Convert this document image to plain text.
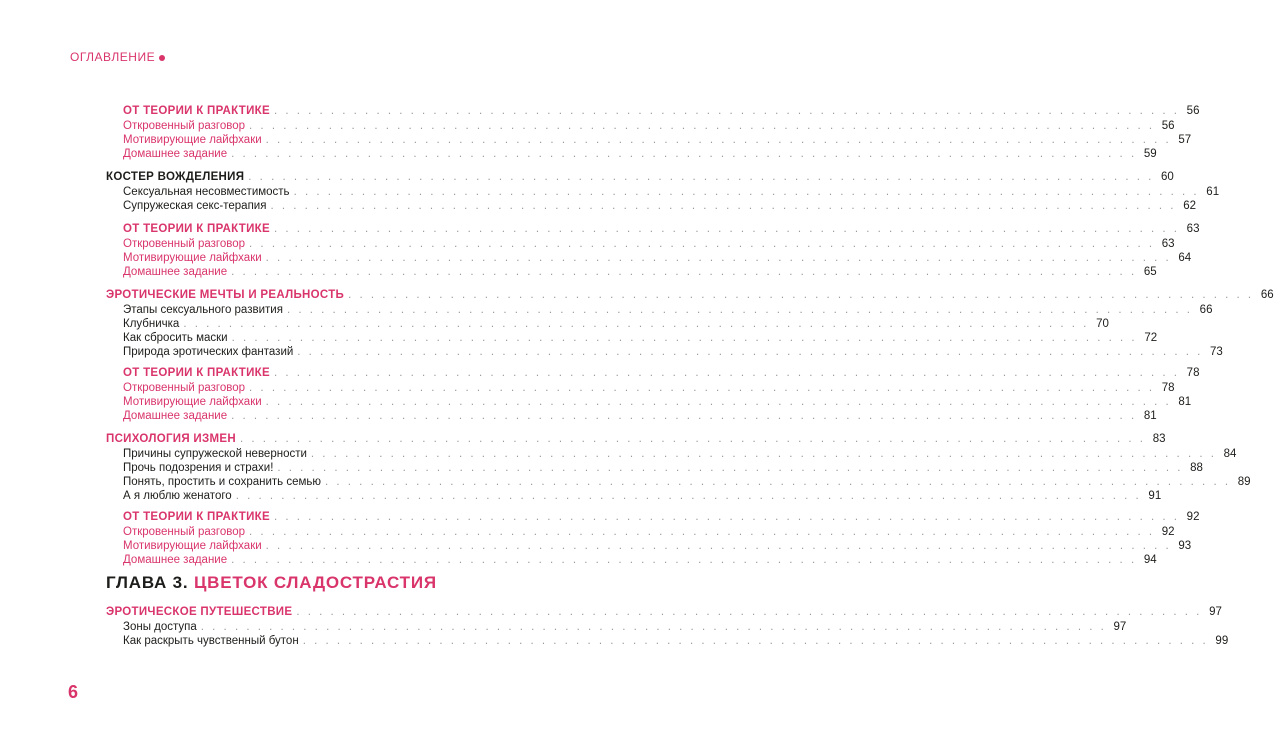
ОГЛАВЛЕНИЕ
ОТ ТЕОРИИ К ПРАКТИКЕ . . . . . . . . . . . . . . . . . . . . . . . . . . . . . . . . . . . . . . . . . . . . . . . . . . . . . . . . . . . . . . . . . . . . . . . . . . . . . . . . 56
Откровенный разговор . . . . . . . . . . . . . . . . . . . . . . . . . . . . . . . . . . . . . . . . . . . . . . . . . . . . . . . . . . . . . . . . . . . . . . . . . . . . . . . . 56
Мотивирующие лайфхаки . . . . . . . . . . . . . . . . . . . . . . . . . . . . . . . . . . . . . . . . . . . . . . . . . . . . . . . . . . . . . . . . . . . . . . . . . . . . . . . . 57
Домашнее задание . . . . . . . . . . . . . . . . . . . . . . . . . . . . . . . . . . . . . . . . . . . . . . . . . . . . . . . . . . . . . . . . . . . . . . . . . . . . . . . . 59
КОСТЕР ВОЖДЕЛЕНИЯ . . . . . . . . . . . . . . . . . . . . . . . . . . . . . . . . . . . . . . . . . . . . . . . . . . . . . . . . . . . . . . . . . . . . . . . . . . . . . . . . 60
Сексуальная несовместимость . . . . . . . . . . . . . . . . . . . . . . . . . . . . . . . . . . . . . . . . . . . . . . . . . . . . . . . . . . . . . . . . . . . . . . . . . . . . . . . . 61
Супружеская секс-терапия . . . . . . . . . . . . . . . . . . . . . . . . . . . . . . . . . . . . . . . . . . . . . . . . . . . . . . . . . . . . . . . . . . . . . . . . . . . . . . . . 62
ОТ ТЕОРИИ К ПРАКТИКЕ . . . . . . . . . . . . . . . . . . . . . . . . . . . . . . . . . . . . . . . . . . . . . . . . . . . . . . . . . . . . . . . . . . . . . . . . . . . . . . . . 63
Откровенный разговор . . . . . . . . . . . . . . . . . . . . . . . . . . . . . . . . . . . . . . . . . . . . . . . . . . . . . . . . . . . . . . . . . . . . . . . . . . . . . . . . 63
Мотивирующие лайфхаки . . . . . . . . . . . . . . . . . . . . . . . . . . . . . . . . . . . . . . . . . . . . . . . . . . . . . . . . . . . . . . . . . . . . . . . . . . . . . . . . 64
Домашнее задание . . . . . . . . . . . . . . . . . . . . . . . . . . . . . . . . . . . . . . . . . . . . . . . . . . . . . . . . . . . . . . . . . . . . . . . . . . . . . . . . 65
ЭРОТИЧЕСКИЕ МЕЧТЫ И РЕАЛЬНОСТЬ . . . . . . . . . . . . . . . . . . . . . . . . . . . . . . . . . . . . . . . . . . . . . . . . . . . . . . . . . . . . . . . . . . . . . . . . . . . . . . . . 66
Этапы сексуального развития . . . . . . . . . . . . . . . . . . . . . . . . . . . . . . . . . . . . . . . . . . . . . . . . . . . . . . . . . . . . . . . . . . . . . . . . . . . . . . . . 66
Клубничка . . . . . . . . . . . . . . . . . . . . . . . . . . . . . . . . . . . . . . . . . . . . . . . . . . . . . . . . . . . . . . . . . . . . . . . . . . . . . . . . 70
Как сбросить маски . . . . . . . . . . . . . . . . . . . . . . . . . . . . . . . . . . . . . . . . . . . . . . . . . . . . . . . . . . . . . . . . . . . . . . . . . . . . . . . . 72
Природа эротических фантазий . . . . . . . . . . . . . . . . . . . . . . . . . . . . . . . . . . . . . . . . . . . . . . . . . . . . . . . . . . . . . . . . . . . . . . . . . . . . . . . . 73
ОТ ТЕОРИИ К ПРАКТИКЕ . . . . . . . . . . . . . . . . . . . . . . . . . . . . . . . . . . . . . . . . . . . . . . . . . . . . . . . . . . . . . . . . . . . . . . . . . . . . . . . . 78
Откровенный разговор . . . . . . . . . . . . . . . . . . . . . . . . . . . . . . . . . . . . . . . . . . . . . . . . . . . . . . . . . . . . . . . . . . . . . . . . . . . . . . . . 78
Мотивирующие лайфхаки . . . . . . . . . . . . . . . . . . . . . . . . . . . . . . . . . . . . . . . . . . . . . . . . . . . . . . . . . . . . . . . . . . . . . . . . . . . . . . . . 81
Домашнее задание . . . . . . . . . . . . . . . . . . . . . . . . . . . . . . . . . . . . . . . . . . . . . . . . . . . . . . . . . . . . . . . . . . . . . . . . . . . . . . . . 81
ПСИХОЛОГИЯ ИЗМЕН . . . . . . . . . . . . . . . . . . . . . . . . . . . . . . . . . . . . . . . . . . . . . . . . . . . . . . . . . . . . . . . . . . . . . . . . . . . . . . . . 83
Причины супружеской неверности . . . . . . . . . . . . . . . . . . . . . . . . . . . . . . . . . . . . . . . . . . . . . . . . . . . . . . . . . . . . . . . . . . . . . . . . . . . . . . . . 84
Прочь подозрения и страхи! . . . . . . . . . . . . . . . . . . . . . . . . . . . . . . . . . . . . . . . . . . . . . . . . . . . . . . . . . . . . . . . . . . . . . . . . . . . . . . . . 88
Понять, простить и сохранить семью . . . . . . . . . . . . . . . . . . . . . . . . . . . . . . . . . . . . . . . . . . . . . . . . . . . . . . . . . . . . . . . . . . . . . . . . . . . . . . . . 89
А я люблю женатого . . . . . . . . . . . . . . . . . . . . . . . . . . . . . . . . . . . . . . . . . . . . . . . . . . . . . . . . . . . . . . . . . . . . . . . . . . . . . . . . 91
ОТ ТЕОРИИ К ПРАКТИКЕ . . . . . . . . . . . . . . . . . . . . . . . . . . . . . . . . . . . . . . . . . . . . . . . . . . . . . . . . . . . . . . . . . . . . . . . . . . . . . . . . 92
Откровенный разговор . . . . . . . . . . . . . . . . . . . . . . . . . . . . . . . . . . . . . . . . . . . . . . . . . . . . . . . . . . . . . . . . . . . . . . . . . . . . . . . . 92
Мотивирующие лайфхаки . . . . . . . . . . . . . . . . . . . . . . . . . . . . . . . . . . . . . . . . . . . . . . . . . . . . . . . . . . . . . . . . . . . . . . . . . . . . . . . . 93
Домашнее задание . . . . . . . . . . . . . . . . . . . . . . . . . . . . . . . . . . . . . . . . . . . . . . . . . . . . . . . . . . . . . . . . . . . . . . . . . . . . . . . . 94
ЭРОТИЧЕСКОЕ ПУТЕШЕСТВИЕ . . . . . . . . . . . . . . . . . . . . . . . . . . . . . . . . . . . . . . . . . . . . . . . . . . . . . . . . . . . . . . . . . . . . . . . . . . . . . . . . 97
Зоны доступа . . . . . . . . . . . . . . . . . . . . . . . . . . . . . . . . . . . . . . . . . . . . . . . . . . . . . . . . . . . . . . . . . . . . . . . . . . . . . . . . 97
Как раскрыть чувственный бутон . . . . . . . . . . . . . . . . . . . . . . . . . . . . . . . . . . . . . . . . . . . . . . . . . . . . . . . . . . . . . . . . . . . . . . . . . . . . . . . . 99
ГЛАВА 3. ЦВЕТОК СЛАДОСТРАСТИЯ
6
